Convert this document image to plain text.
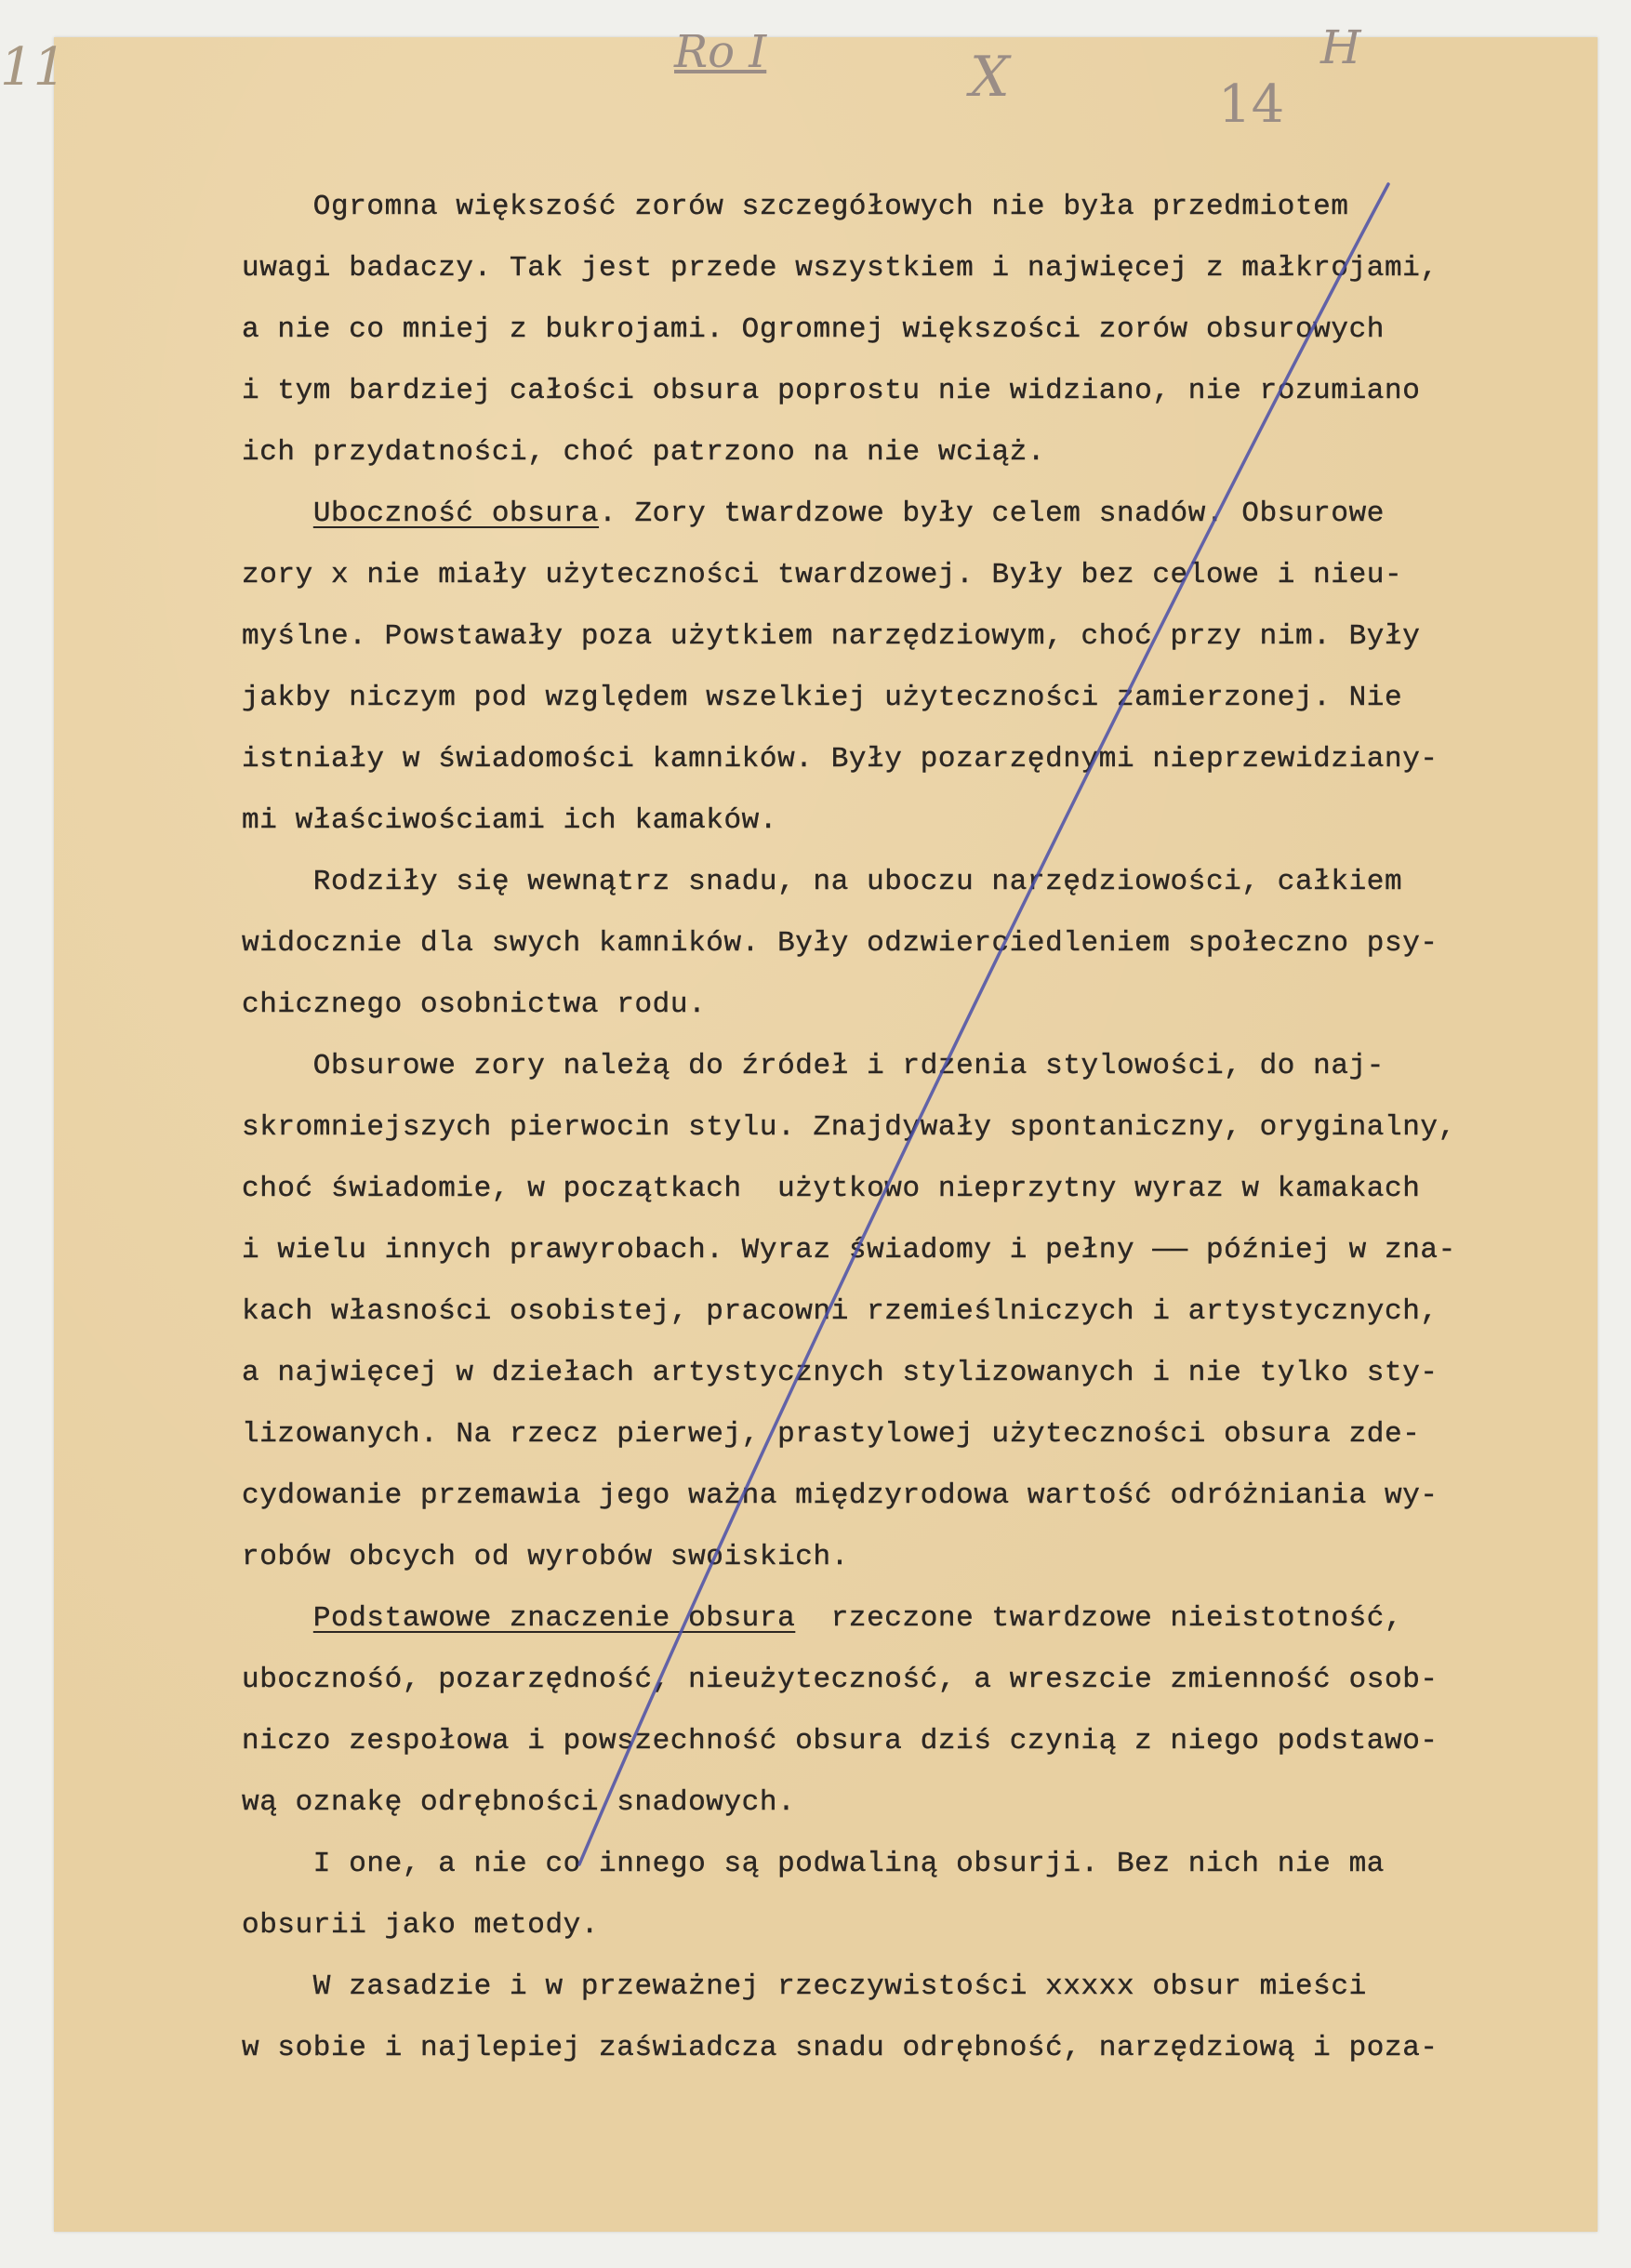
11	Ro I	X	14
H
Ogromna większość zorów szczegółowych nie była przedmiotem
uwagi badaczy. Tak jest przede wszystkiem i najwięcej z małkrojami,
a nie co mniej z bukrojami. Ogromnej większości zorów obsurowych
i tym bardziej całości obsura poprostu nie widziano, nie rozumiano
ich przydatności, choć patrzono na nie wciąż.
Uboczność obsura. Zory twardzowe były celem snadów. Obsurowe
zory x nie miały użyteczności twardzowej. Były bez celowe i nieu-
myślne. Powstawały poza użytkiem narzędziowym, choć przy nim. Były
jakby niczym pod względem wszelkiej użyteczności zamierzonej. Nie
istniały w świadomości kamników. Były pozarzędnymi nieprzewidziany-
mi właściwościami ich kamaków.
Rodziły się wewnątrz snadu, na uboczu narzędziowości, całkiem
widocznie dla swych kamników. Były odzwierciedleniem społeczno psy-
chicznego osobnictwa rodu.
Obsurowe zory należą do źródeł i rdzenia stylowości, do naj-
skromniejszych pierwocin stylu. Znajdywały spontaniczny, oryginalny,
choć świadomie, w początkach  użytkowo nieprzytny wyraz w kamakach
i wielu innych prawyrobach. Wyraz świadomy i pełny —— później w zna-
kach własności osobistej, pracowni rzemieślniczych i artystycznych,
a najwięcej w dziełach artystycznych stylizowanych i nie tylko sty-
lizowanych. Na rzecz pierwej, prastylowej użyteczności obsura zde-
cydowanie przemawia jego ważna międzyrodowa wartość odróżniania wy-
robów obcych od wyrobów swoiskich.
Podstawowe znaczenie obsura  rzeczone twardzowe nieistotność,
ubocznośó, pozarzędność, nieużyteczność, a wreszcie zmienność osob-
niczo zespołowa i powszechność obsura dziś czynią z niego podstawo-
wą oznakę odrębności snadowych.
I one, a nie co innego są podwaliną obsurji. Bez nich nie ma
obsurii jako metody.
W zasadzie i w przeważnej rzeczywistości xxxxx obsur mieści
w sobie i najlepiej zaświadcza snadu odrębność, narzędziową i poza-
